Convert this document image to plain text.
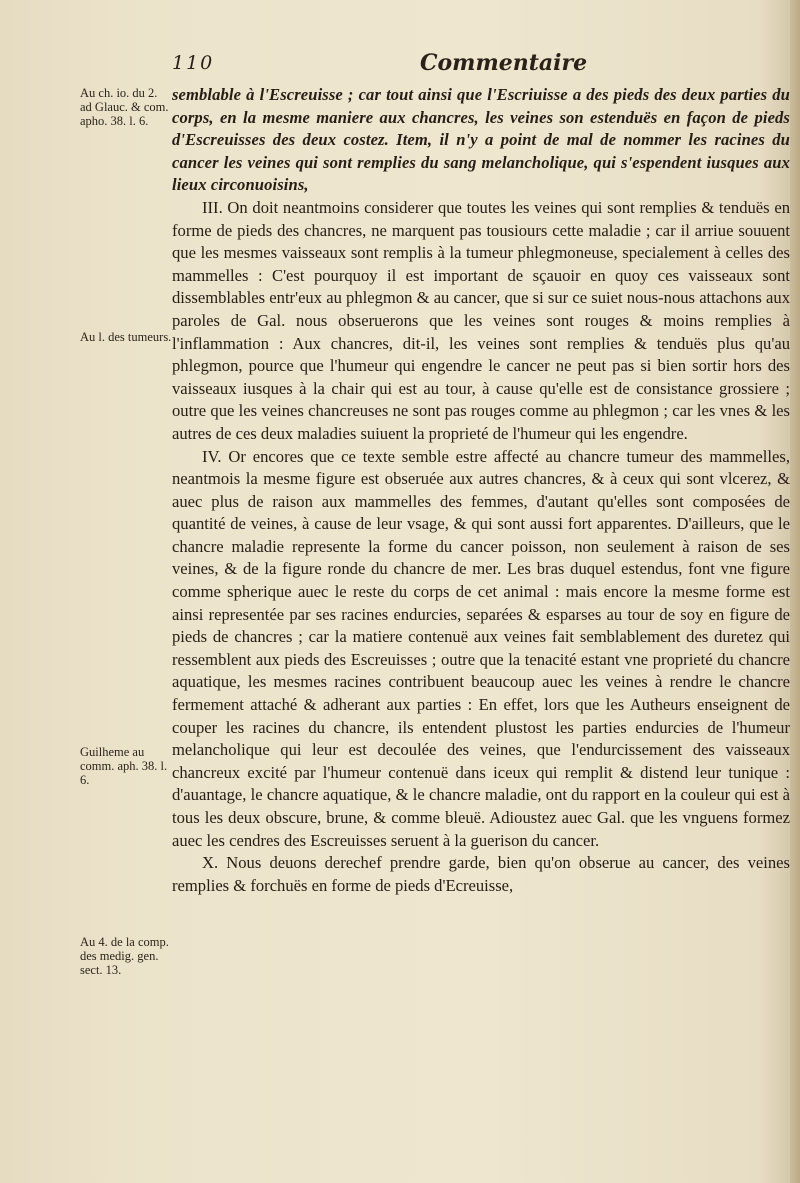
110	Commentaire
Au ch. io. du 2. ad Glauc. & com. apho. 38. l. 6.
Au l. des tumeurs.
Guilheme au comm. aph. 38. l. 6.
Au 4. de la comp. des medig. gen. sect. 13.

semblable à l'Escreuisse ; car tout ainsi que l'Escriuisse a des pieds des deux parties du corps, en la mesme maniere aux chancres, les veines son estenduës en façon de pieds d'Escreuisses des deux costez. Item, il n'y a point de mal de nommer les racines du cancer les veines qui sont remplies du sang melancholique, qui s'espendent iusques aux lieux circonuoisins,

III. On doit neantmoins considerer que toutes les veines qui sont remplies & tenduës en forme de pieds des chancres, ne marquent pas tousiours cette maladie ; car il arriue souuent que les mesmes vaisseaux sont remplis à la tumeur phlegmoneuse, specialement à celles des mammelles : C'est pourquoy il est important de sçauoir en quoy ces vaisseaux sont dissemblables entr'eux au phlegmon & au cancer, que si sur ce suiet nous-nous attachons aux paroles de Gal. nous obseruerons que les veines sont rouges & moins remplies à l'inflammation : Aux chancres, dit-il, les veines sont remplies & tenduës plus qu'au phlegmon, pource que l'humeur qui engendre le cancer ne peut pas si bien sortir hors des vaisseaux iusques à la chair qui est au tour, à cause qu'elle est de consistance grossiere ; outre que les veines chancreuses ne sont pas rouges comme au phlegmon ; car les vnes & les autres de ces deux maladies suiuent la proprieté de l'humeur qui les engendre.

IV. Or encores que ce texte semble estre affecté au chancre tumeur des mammelles, neantmois la mesme figure est obseruée aux autres chancres, & à ceux qui sont vlcerez, & auec plus de raison aux mammelles des femmes, d'autant qu'elles sont composées de quantité de veines, à cause de leur vsage, & qui sont aussi fort apparentes. D'ailleurs, que le chancre maladie represente la forme du cancer poisson, non seulement à raison de ses veines, & de la figure ronde du chancre de mer. Les bras duquel estendus, font vne figure comme spherique auec le reste du corps de cet animal : mais encore la mesme forme est ainsi representée par ses racines endurcies, separées & esparses au tour de soy en figure de pieds de chancres ; car la matiere contenuë aux veines fait semblablement des duretez qui ressemblent aux pieds des Escreuisses ; outre que la tenacité estant vne proprieté du chancre aquatique, les mesmes racines contribuent beaucoup auec les veines à rendre le chancre fermement attaché & adherant aux parties : En effet, lors que les Autheurs enseignent de couper les racines du chancre, ils entendent plustost les parties endurcies de l'humeur melancholique qui leur est decoulée des veines, que l'endurcissement des vaisseaux chancreux excité par l'humeur contenuë dans iceux qui remplit & distend leur tunique : d'auantage, le chancre aquatique, & le chancre maladie, ont du rapport en la couleur qui est à tous les deux obscure, brune, & comme bleuë. Adioustez auec Gal. que les vnguens formez auec les cendres des Escreuisses seruent à la guerison du cancer.

X. Nous deuons derechef prendre garde, bien qu'on obserue au cancer, des veines remplies & forchuës en forme de pieds d'Ecreuisse,
